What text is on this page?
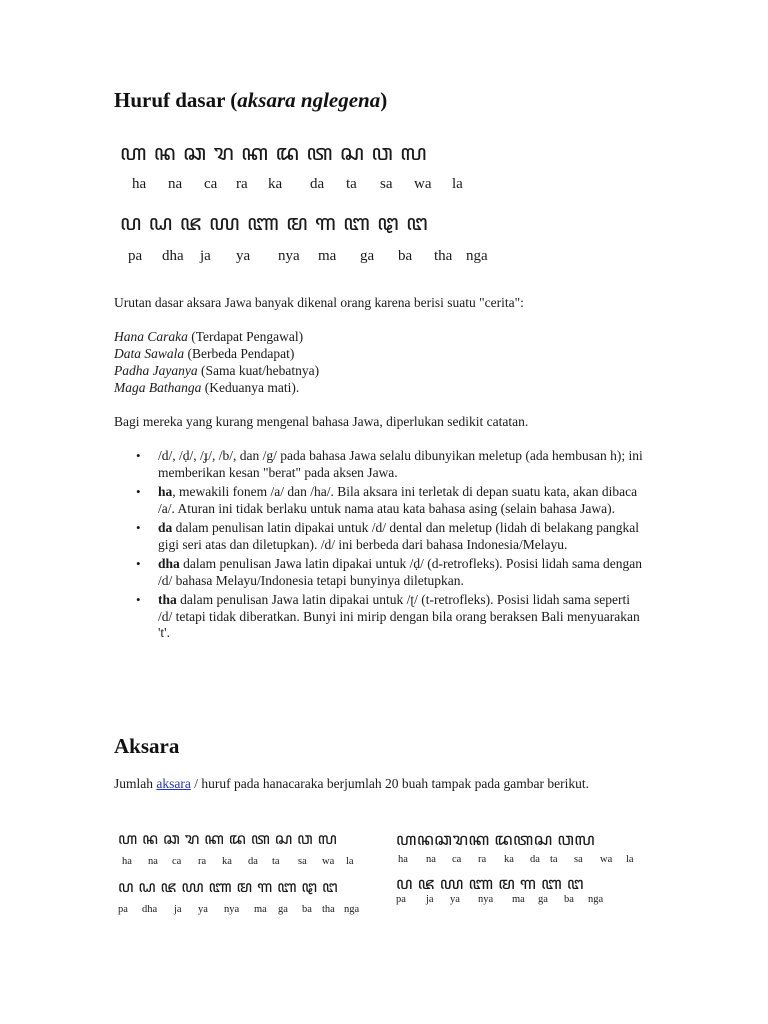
Huruf dasar (aksara nglegena)
ꦲ ꦤ ꦕ ꦫ ꦏ ꦢ ꦠ ꦱ ꦮ ꦭ
ha na ca ra ka da ta sa wa la
ꦥ ꦝ ꦗ ꦪ ꦚ ꦩ ꦒ ꦧ ꦛ ꦔ
pa dha ja ya nya ma ga ba tha nga
Urutan dasar aksara Jawa banyak dikenal orang karena berisi suatu "cerita":
Hana Caraka (Terdapat Pengawal)
Data Sawala (Berbeda Pendapat)
Padha Jayanya (Sama kuat/hebatnya)
Maga Bathanga (Keduanya mati).
Bagi mereka yang kurang mengenal bahasa Jawa, diperlukan sedikit catatan.
• /d/, /ḍ/, /ɟ/, /b/, dan /g/ pada bahasa Jawa selalu dibunyikan meletup (ada hembusan h); ini memberikan kesan "berat" pada aksen Jawa.
• ha, mewakili fonem /a/ dan /ha/. Bila aksara ini terletak di depan suatu kata, akan dibaca /a/. Aturan ini tidak berlaku untuk nama atau kata bahasa asing (selain bahasa Jawa).
• da dalam penulisan latin dipakai untuk /d/ dental dan meletup (lidah di belakang pangkal gigi seri atas dan diletupkan). /d/ ini berbeda dari bahasa Indonesia/Melayu.
• dha dalam penulisan Jawa latin dipakai untuk /ḍ/ (d-retrofleks). Posisi lidah sama dengan /d/ bahasa Melayu/Indonesia tetapi bunyinya diletupkan.
• tha dalam penulisan Jawa latin dipakai untuk /ʈ/ (t-retrofleks). Posisi lidah sama seperti /d/ tetapi tidak diberatkan. Bunyi ini mirip dengan bila orang beraksen Bali menyuarakan 't'.
Aksara
Jumlah aksara / huruf pada hanacaraka berjumlah 20 buah tampak pada gambar berikut.
ꦲ ꦤ ꦕ ꦫ ꦏ ꦢ ꦠ ꦱ ꦮ ꦭ
ha na ca ra ka da ta sa wa la
ꦥ ꦝ ꦗ ꦪ ꦚ ꦩ ꦒ ꦧ ꦛ ꦔ
pa dha ja ya nya ma ga ba tha nga
ꦲꦤꦕꦫꦏ ꦢꦠꦱ ꦮꦭ
ha na ca ra ka da ta sa wa la
ꦥ ꦗ ꦪ ꦚ ꦩ ꦒ ꦧ ꦔ
pa ja ya nya ma ga ba nga
